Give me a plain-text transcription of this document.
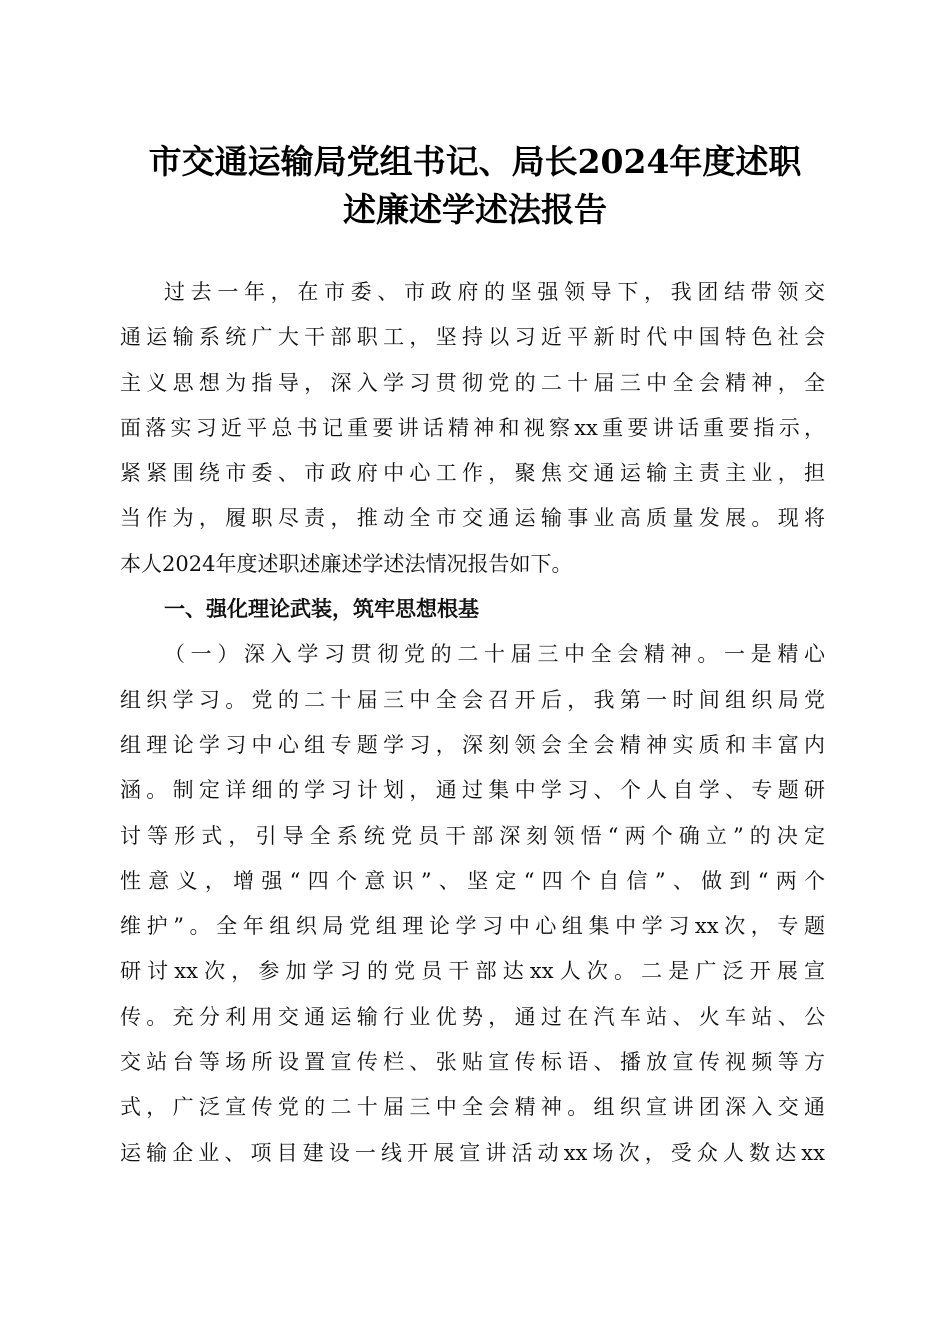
市交通运输局党组书记、局长2024年度述职
述廉述学述法报告
过去一年，在市委、市政府的坚强领导下，我团结带领交
通运输系统广大干部职工，坚持以习近平新时代中国特色社会
主义思想为指导，深入学习贯彻党的二十届三中全会精神，全
面落实习近平总书记重要讲话精神和视察xx重要讲话重要指示，
紧紧围绕市委、市政府中心工作，聚焦交通运输主责主业，担
当作为，履职尽责，推动全市交通运输事业高质量发展。现将
本人2024年度述职述廉述学述法情况报告如下。
一、强化理论武装，筑牢思想根基
（一）深入学习贯彻党的二十届三中全会精神。一是精心
组织学习。党的二十届三中全会召开后，我第一时间组织局党
组理论学习中心组专题学习，深刻领会全会精神实质和丰富内
涵。制定详细的学习计划，通过集中学习、个人自学、专题研
讨等形式，引导全系统党员干部深刻领悟“两个确立”的决定
性意义，增强“四个意识”、坚定“四个自信”、做到“两个
维护”。全年组织局党组理论学习中心组集中学习xx次，专题
研讨xx次，参加学习的党员干部达xx人次。二是广泛开展宣
传。充分利用交通运输行业优势，通过在汽车站、火车站、公
交站台等场所设置宣传栏、张贴宣传标语、播放宣传视频等方
式，广泛宣传党的二十届三中全会精神。组织宣讲团深入交通
运输企业、项目建设一线开展宣讲活动xx场次，受众人数达xx
